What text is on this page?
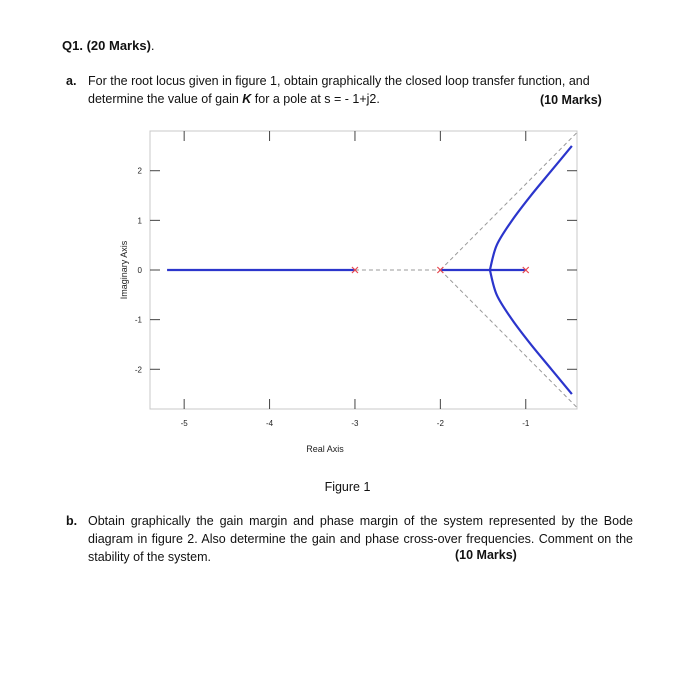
Q1. (20 Marks).
a. For the root locus given in figure 1, obtain graphically the closed loop transfer function, and
determine the value of gain K for a pole at s = - 1+j2.	(10 Marks)
-5	-4	-3	-2	-1
2
1
0
-1
-2
Real Axis
Imaginary Axis
Figure 1
b. Obtain graphically the gain margin and phase margin of the system represented by the Bode diagram in figure 2. Also determine the gain and phase cross-over frequencies. Comment on the stability of the system.	(10 Marks)
